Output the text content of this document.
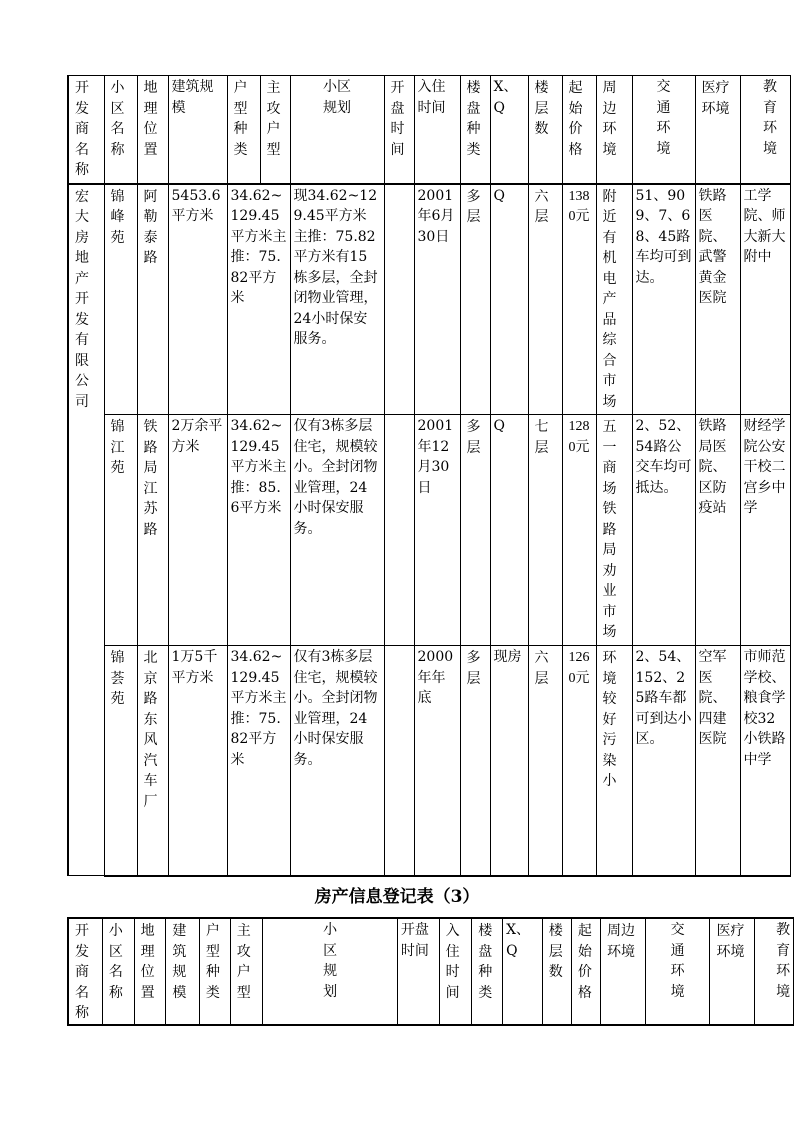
开发商名称	小区名称	地理位置	建筑规模	户型种类	主攻户型	小区规划	开盘时间	入住时间	楼盘种类	X、Q	楼层数	起始价格	周边环境	交通环境	医疗环境	教育环境
宏大房地产开发有限公司	锦峰苑	阿勒泰路	5453.6平方米	34.62~129.45平方米主推：75.82平方米		现34.62~129.45平方米主推：75.82平方米有15栋多层，全封闭物业管理，24小时保安服务。		2001年6月30日	多层	Q	六层	1380元	附近有机电产品综合市场	51、909、7、68、45路车均可到达。	铁路医院、武警黄金医院	工学院、师大新大附中
	锦江苑	铁路局江苏路	2万余平方米	34.62~129.45平方米主推：85.6平方米		仅有3栋多层住宅，规模较小。全封闭物业管理，24小时保安服务。		2001年12月30日	多层	Q	七层	1280元	五一商场铁路局劝业市场	2、52、54路公交车均可抵达。	铁路局医院、区防疫站	财经学院公安干校二宫乡中学
	锦荟苑	北京路东风汽车厂	1万5千平方米	34.62~129.45平方米主推：75.82平方米		仅有3栋多层住宅，规模较小。全封闭物业管理，24小时保安服务。		2000年年底	多层	现房	六层	1260元	环境较好污染小	2、54、152、25路车都可到达小区。	空军医院、四建医院	市师范学校、粮食学校32小铁路中学
房产信息登记表（3）
开发商名称	小区名称	地理位置	建筑规模	户型种类	主攻户型	小区规划	开盘时间	入住时间	楼盘种类	X、Q	楼层数	起始价格	周边环境	交通环境	医疗环境	教育环境
